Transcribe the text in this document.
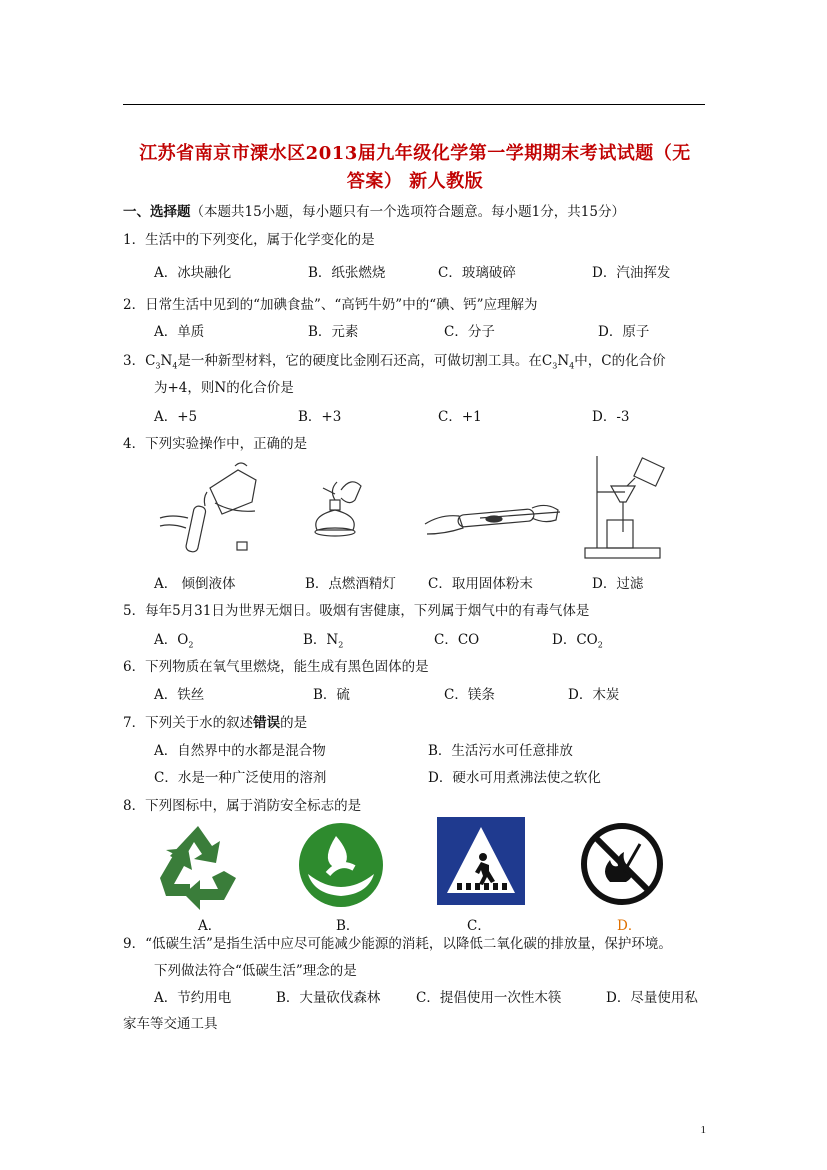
江苏省南京市溧水区2013届九年级化学第一学期期末考试试题（无
答案） 新人教版
一、选择题（本题共15小题，每小题只有一个选项符合题意。每小题1分，共15分）
1．生活中的下列变化，属于化学变化的是
A．冰块融化	B．纸张燃烧	C．玻璃破碎	D．汽油挥发
2．日常生活中见到的“加碘食盐”、“高钙牛奶”中的“碘、钙”应理解为
A．单质	B．元素	C．分子	D．原子
3．$C_3N_4$是一种新型材料，它的硬度比金刚石还高，可做切割工具。在$C_3N_4$中，C的化合价
为+4，则N的化合价是
A．+5	B．+3	C．+1	D．-3
4．下列实验操作中，正确的是
A． 倾倒液体	B．点燃酒精灯 C．取用固体粉末	D．过滤
5．每年5月31日为世界无烟日。吸烟有害健康，下列属于烟气中的有毒气体是
A．$O_2$	B．$N_2$	C．CO	D．$CO_2$
6．下列物质在氧气里燃烧，能生成有黑色固体的是
A．铁丝	B．硫	C．镁条	D．木炭
7．下列关于水的叙述错误的是
A．自然界中的水都是混合物	B．生活污水可任意排放
C．水是一种广泛使用的溶剂	D．硬水可用煮沸法使之软化
8．下列图标中，属于消防安全标志的是
A．	B．	C．	D．
9．“低碳生活”是指生活中应尽可能减少能源的消耗，以降低二氧化碳的排放量，保护环境。
下列做法符合“低碳生活”理念的是
A．节约用电	B．大量砍伐森林	C．提倡使用一次性木筷	D．尽量使用私
家车等交通工具
1
